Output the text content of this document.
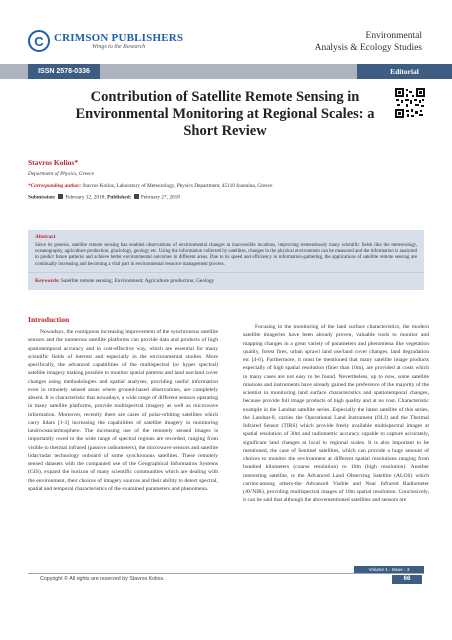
C CRIMSON PUBLISHERS
Wings to the Research
Environmental
Analysis & Ecology Studies
ISSN 2578-0336	Editorial
Contribution of Satellite Remote Sensing in Environmental Monitoring at Regional Scales: a Short Review
Stavros Kolios*
Department of Physics, Greece
*Corresponding author: Stavros Kolios, Laboratory of Meteorology, Physics Department, 45110 Ioannina, Greece
Submission: February 12, 2018; Published: February 27, 2018
Abstract
Since its genesis, satellite remote sensing has enabled observations of environmental changes at inaccessible locations, improving tremendously many scientific fields like the meteorology, oceanography, agriculture production, glaciology, geology etc. Using the information collected by satellites, changes in the physical environment can be measured and the information is analyzed to predict future patterns and achieve better environmental outcomes in different areas. Due to its speed and efficiency in information-gathering, the applications of satellite remote sensing are continually increasing and becoming a vital part in environmental resource management process.
Keywords: Satellite remote sensing; Environment; Agriculture production; Geology
Introduction

Nowadays, the contiguous increasing improvement of the synchronous satellite sensors and the numerous satellite platforms can provide data and products of high spatiotemporal accuracy and in cost-effective way, which are essential for many scientific fields of interest and especially in the environmental studies. More specifically, the advanced capabilities of the multispectral (or hyper spectral) satellite imagery making possible to monitor spatial patterns and land use/land cover changes using methodologies and spatial analyses, providing useful information even in remotely sensed areas where ground-based observations, are completely absent. It is characteristic that nowadays, a wide range of different sensors operating in many satellite platforms, provide multispectral imagery as well as microwave information. Moreover, recently there are cases of polar-orbiting satellites which carry lidars [1-3] increasing the capabilities of satellite imagery in monitoring land/ocean/atmosphere. The increasing use of the remotely sensed images is importantly owed to the wide range of spectral regions are recorded, ranging from visible to thermal infrared (passive radiometers), the microwave sensors and satellite lidar/radar technology onboard of some synchronous satellites. These remotely sensed datasets with the companied use of the Geographical Information Systems (GIS), expand the horizon of many scientific communities which are dealing with the environment, their choices of imagery sources and their ability to detect spectral, spatial and temporal characteristics of the examined parameters and phenomena.

Focusing in the monitoring of the land surface characteristics, the modern satellite imageries have been already proven, valuable tools to monitor and mapping changes in a great variety of parameters and phenomena like vegetation quality, forest fires, urban sprawl land use/land cover changes, land degradation etc [4-6]. Furthermore, it must be mentioned that many satellite image products especially of high spatial resolution (finer than 10m), are provided at costs which in many cases are not easy to be found. Nevertheless, up to now, some satellite missions and instruments have already gained the preference of the majority of the scientist in monitoring land surface characteristics and spatiotemporal changes, because provide full image products of high quality and at no cost. Characteristic example in the Landsat satellite series. Especially the latest satellite of this series, the Landsat-8, carries the Operational Land Instrument (OLI) and the Thermal Infrared Sensor (TIRS) which provide freely available multispectral images at spatial resolution of 30m and radiometric accuracy capable to capture accurately, significant land changes at local to regional scales. It is also important to be mentioned, the case of Sentinel satellites, which can provide a huge amount of choices to monitor the environment at different spatial resolutions ranging from hundred kilometers (coarse resolution) to 10m (high resolution). Another interesting satellite, is the Advanced Land Observing Satellite (ALOS) which carries-among others-the Advanced Visible and Near Infrared Radiometer (AVNIR), providing multispectral images of 10m spatial resolution. Conclusively, it can be said that although the abovementioned satellites and sensors are

Volume 1 - Issue - 3
Copyright © All rights are reserved by Stavros Kolios.	66
